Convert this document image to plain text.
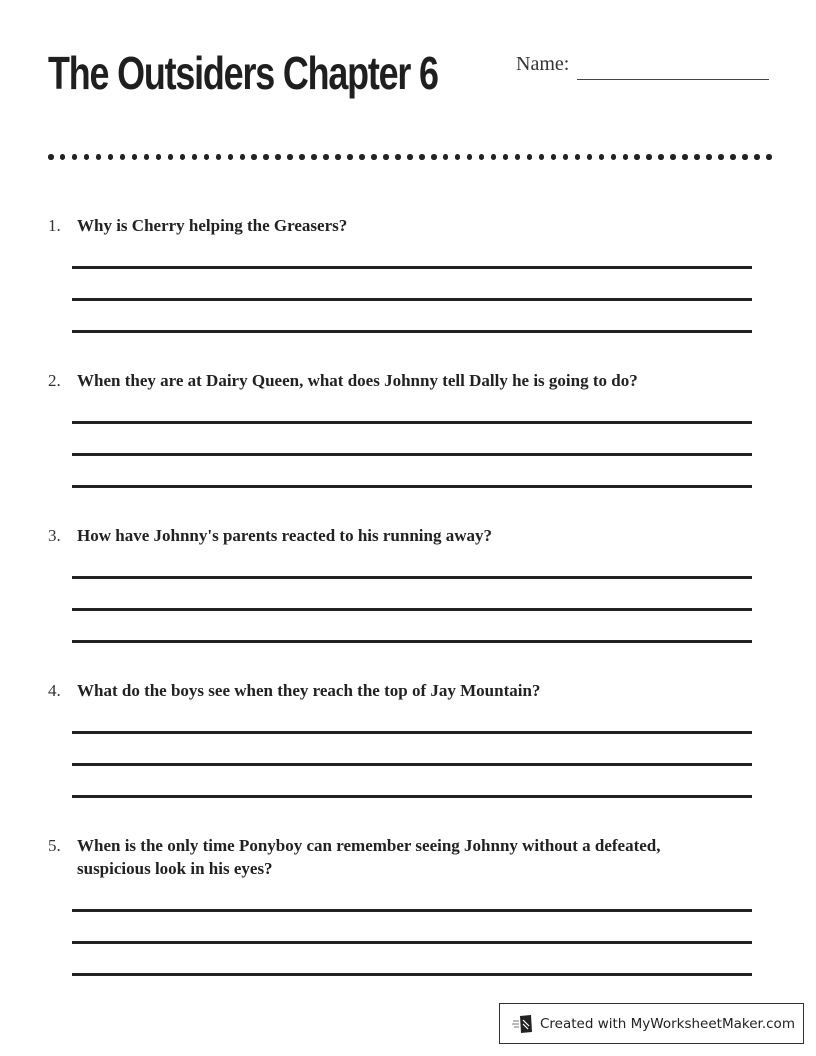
The Outsiders Chapter 6	Name:
1. Why is Cherry helping the Greasers?
2. When they are at Dairy Queen, what does Johnny tell Dally he is going to do?
3. How have Johnny's parents reacted to his running away?
4. What do the boys see when they reach the top of Jay Mountain?
5. When is the only time Ponyboy can remember seeing Johnny without a defeated, suspicious look in his eyes?
Created with MyWorksheetMaker.com
